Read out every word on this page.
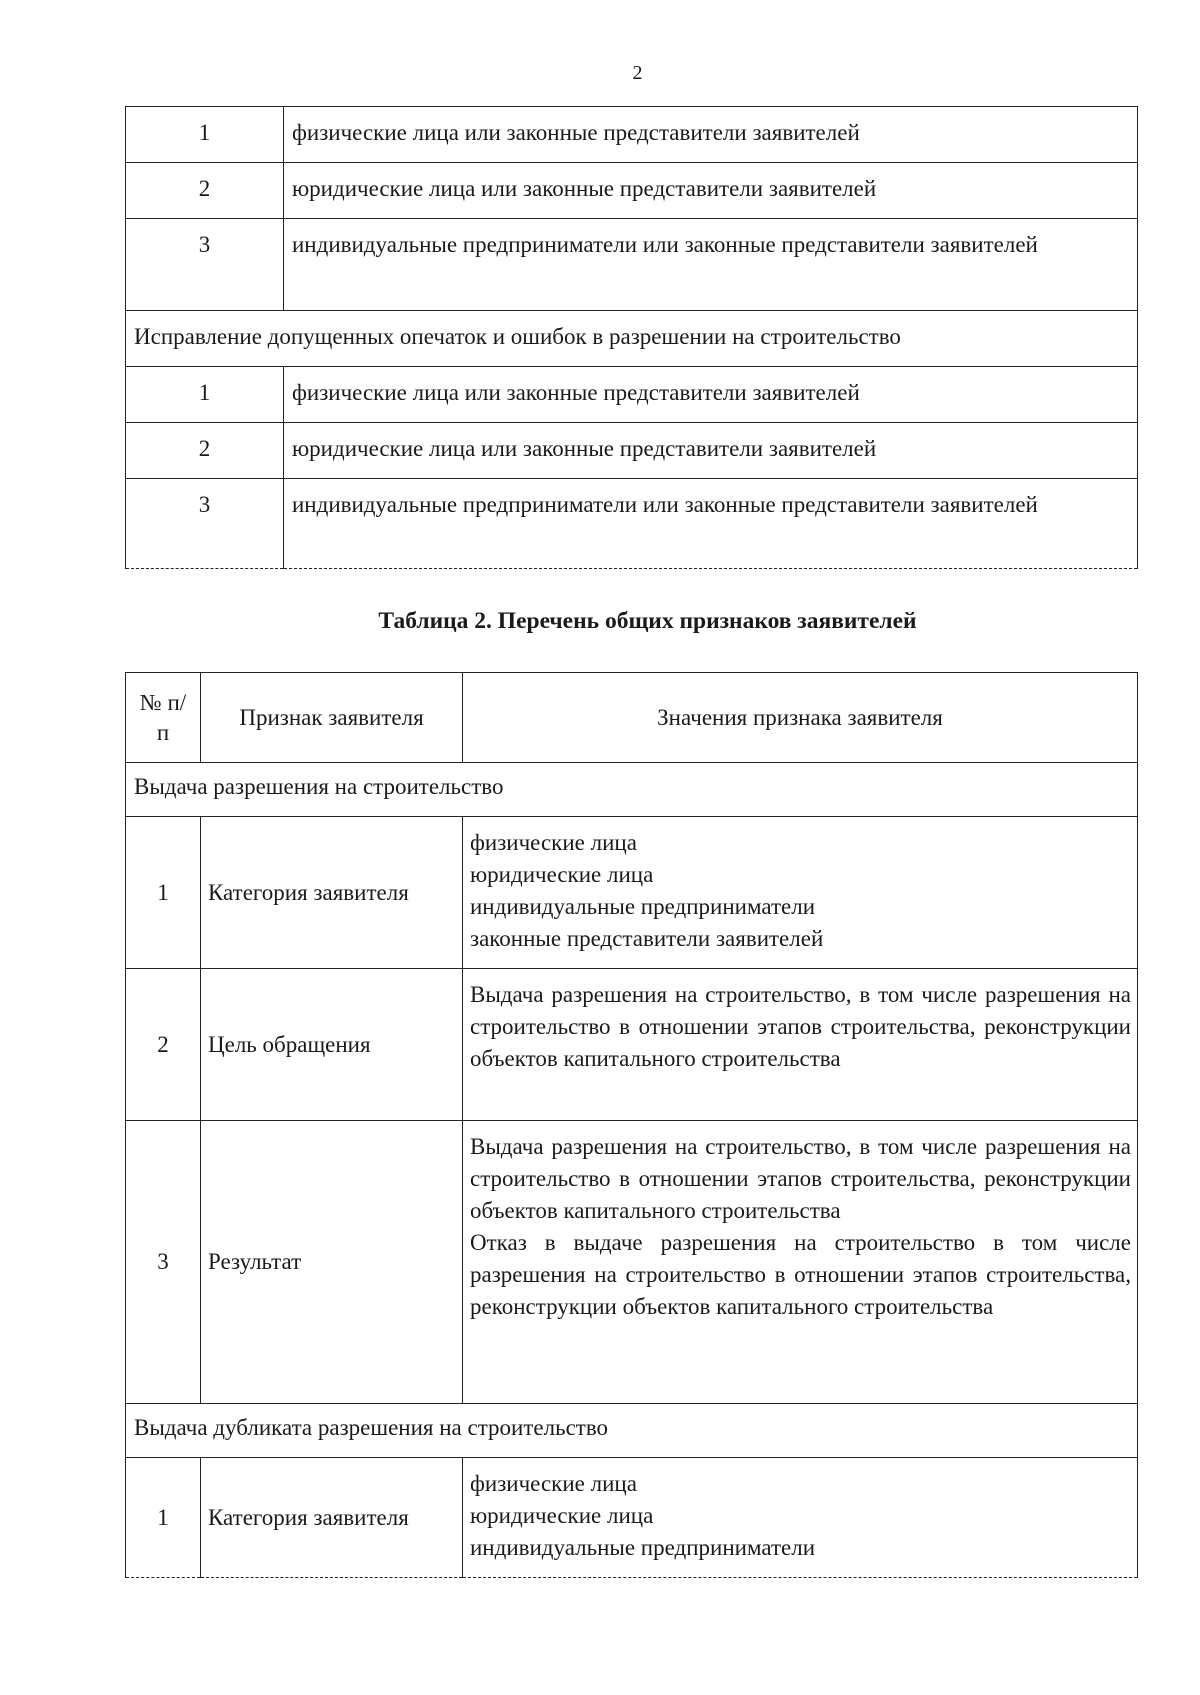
2
1	физические лица или законные представители заявителей
2	юридические лица или законные представители заявителей
3	индивидуальные предприниматели или законные представители заявителей
Исправление допущенных опечаток и ошибок в разрешении на строительство	
1	физические лица или законные представители заявителей
2	юридические лица или законные представители заявителей
3	индивидуальные предприниматели или законные представители заявителей
Таблица 2. Перечень общих признаков заявителей
№ п/п	Признак заявителя	Значения признака заявителя
Выдача разрешения на строительство		
1	Категория заявителя	физические лица
юридические лица
индивидуальные предприниматели
законные представители заявителей

2	Цель обращения	Выдача разрешения на строительство, в том числе разрешения на строительство в отношении этапов строительства, реконструкции объектов капитального строительства

3	Результат	Выдача разрешения на строительство, в том числе разрешения на строительство в отношении этапов строительства, реконструкции объектов капитального строительства
Отказ в выдаче разрешения на строительство в том числе разрешения на строительство в отношении этапов строительства, реконструкции объектов капитального строительства

Выдача дубликата разрешения на строительство		
1	Категория заявителя	физические лица
юридические лица
индивидуальные предприниматели
